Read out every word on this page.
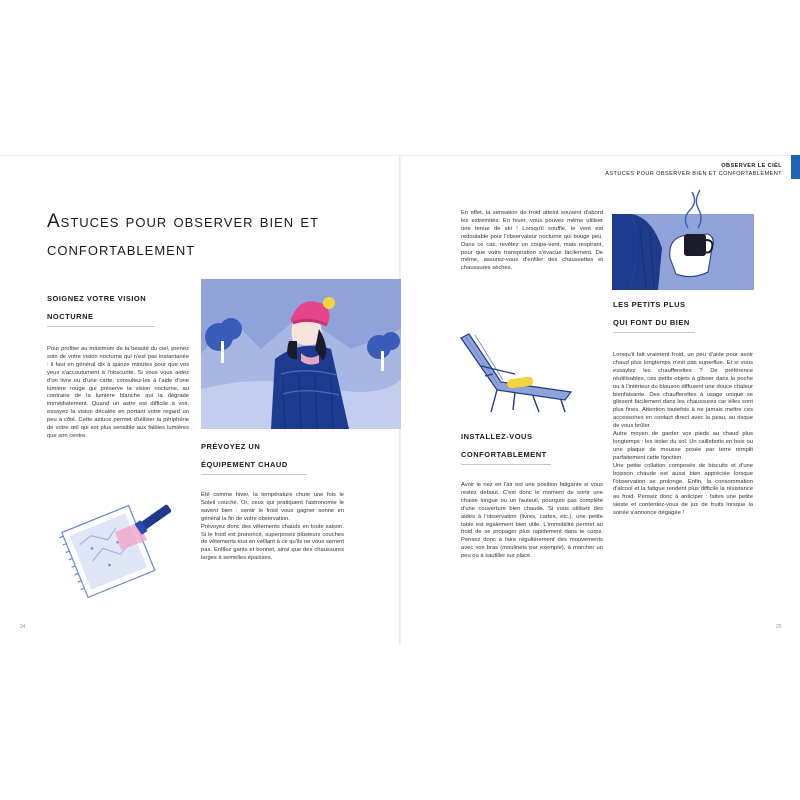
OBSERVER LE CIEL
ASTUCES POUR OBSERVER BIEN ET CONFORTABLEMENT
Astuces pour observer bien et confortablement
SOIGNEZ VOTRE VISION NOCTURNE

Pour profiter au maximum de la beauté du ciel, prenez soin de votre vision nocturne qui n'est pas instantanée : il faut en général dix à quinze minutes pour que vos yeux s'accoutument à l'obscurité. Si vous vous aidez d'un livre ou d'une carte, consultez-les à l'aide d'une lumière rouge qui préserve la vision nocturne, au contraire de la lumière blanche qui la dégrade immédiatement. Quand un astre est difficile à voir, essayez la vision décalée en portant votre regard un peu à côté. Cette astuce permet d'utiliser la périphérie de votre œil qui est plus sensible aux faibles lumières que son centre.

PRÉVOYEZ UN ÉQUIPEMENT CHAUD

Été comme hiver, la température chute une fois le Soleil couché. Or, ceux qui pratiquent l'astronomie le savent bien : sentir le froid vous gagner sonne en général la fin de votre observation.

Prévoyez donc des vêtements chauds en toute saison. Si le froid est prononcé, superposez plusieurs couches de vêtements tout en veillant à ce qu'ils ne vous serrent pas. Enfilez gants et bonnet, ainsi que des chaussures larges à semelles épaisses.

En effet, la sensation de froid atteint souvent d'abord les extrémités. En hiver, vous pouvez même utiliser une tenue de ski ! Lorsqu'il souffle, le vent est redoutable pour l'observateur nocturne qui bouge peu. Dans ce cas, revêtez un coupe-vent, mais respirant, pour que votre transpiration s'évacue facilement. De même, assurez-vous d'enfiler des chaussettes et chaussures sèches.

INSTALLEZ-VOUS CONFORTABLEMENT

Avoir le nez en l'air est une position fatigante si vous restez debout. C'est donc le moment de sortir une chaise longue ou un fauteuil, pourquoi pas complété d'une couverture bien chaude. Si vous utilisez des aides à l'observation (livres, cartes, etc.), une petite table est également bien utile. L'immobilité permet au froid de se propager plus rapidement dans le corps. Pensez donc à faire régulièrement des mouvements avec vos bras (moulinets par exemple), à marcher un peu ou à sautiller sur place.

LES PETITS PLUS QUI FONT DU BIEN

Lorsqu'il fait vraiment froid, un peu d'aide pour avoir chaud plus longtemps n'est pas superflue. Et si vous essayiez les chaufferettes ? De préférence réutilisables, ces petits objets à glisser dans la poche ou à l'intérieur du blouson diffusent une douce chaleur bienfaisante. Des chaufferettes à usage unique se glissent facilement dans les chaussures car elles sont plus fines. Attention toutefois à ne jamais mettre ces accessoires en contact direct avec la peau, au risque de vous brûler.

Autre moyen de garder vos pieds au chaud plus longtemps : les isoler du sol. Un caillebotis en bois ou une plaque de mousse posée par terre remplit parfaitement cette fonction.

Une petite collation composée de biscuits et d'une boisson chaude est aussi bien appréciée lorsque l'observation se prolonge. Enfin, la consommation d'alcool et la fatigue rendent plus difficile la résistance au froid. Pensez donc à anticiper : faites une petite sieste et contentez-vous de jus de fruits lorsque la soirée s'annonce dégagée !

24	25
